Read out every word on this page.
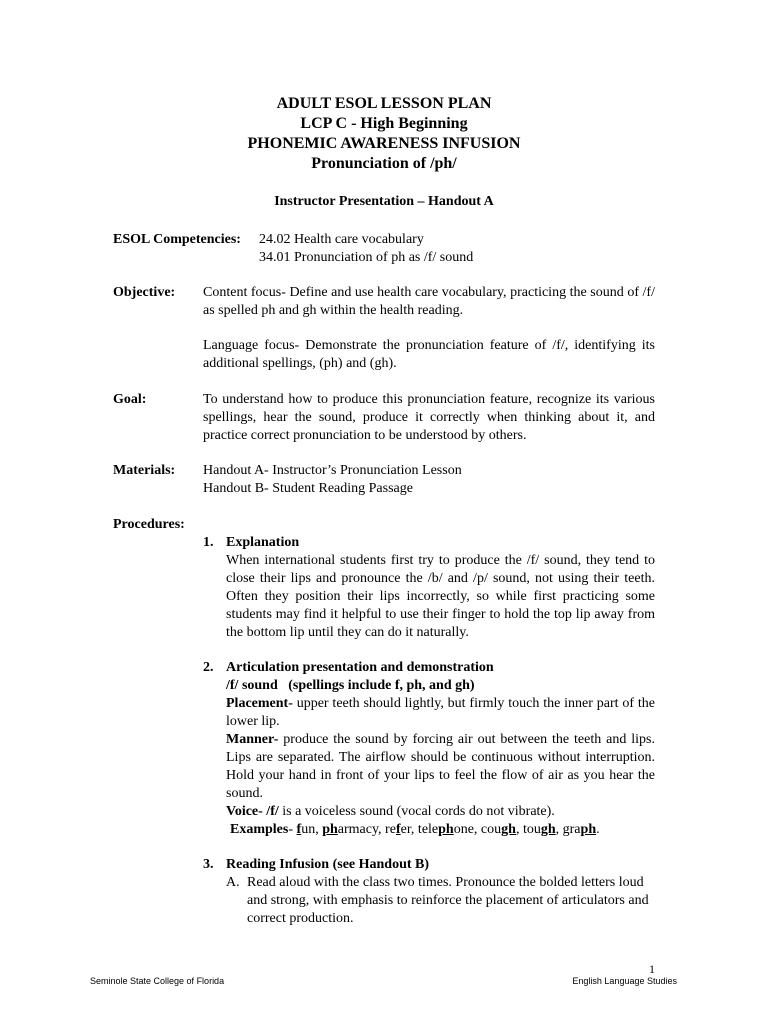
ADULT ESOL LESSON PLAN
LCP C - High Beginning
PHONEMIC AWARENESS INFUSION
Pronunciation of /ph/
Instructor Presentation – Handout A
ESOL Competencies: 24.02 Health care vocabulary
34.01 Pronunciation of ph as /f/ sound
Objective: Content focus- Define and use health care vocabulary, practicing the sound of /f/ as spelled ph and gh within the health reading.
Language focus- Demonstrate the pronunciation feature of /f/, identifying its additional spellings, (ph) and (gh).
Goal:	To understand how to produce this pronunciation feature, recognize its various spellings, hear the sound, produce it correctly when thinking about it, and practice correct pronunciation to be understood by others.
Materials: Handout A- Instructor’s Pronunciation Lesson
Handout B- Student Reading Passage
Procedures:
1. Explanation
When international students first try to produce the /f/ sound, they tend to close their lips and pronounce the /b/ and /p/ sound, not using their teeth. Often they position their lips incorrectly, so while first practicing some students may find it helpful to use their finger to hold the top lip away from the bottom lip until they can do it naturally.
2. Articulation presentation and demonstration
/f/ sound   (spellings include f, ph, and gh)
Placement- upper teeth should lightly, but firmly touch the inner part of the lower lip.
Manner- produce the sound by forcing air out between the teeth and lips. Lips are separated. The airflow should be continuous without interruption. Hold your hand in front of your lips to feel the flow of air as you hear the sound.
Voice- /f/ is a voiceless sound (vocal cords do not vibrate).
Examples- fun, pharmacy, refer, telephone, cough, tough, graph.
3. Reading Infusion (see Handout B)
A. Read aloud with the class two times. Pronounce the bolded letters loud and strong, with emphasis to reinforce the placement of articulators and correct production.
1
Seminole State College of Florida	English Language Studies
